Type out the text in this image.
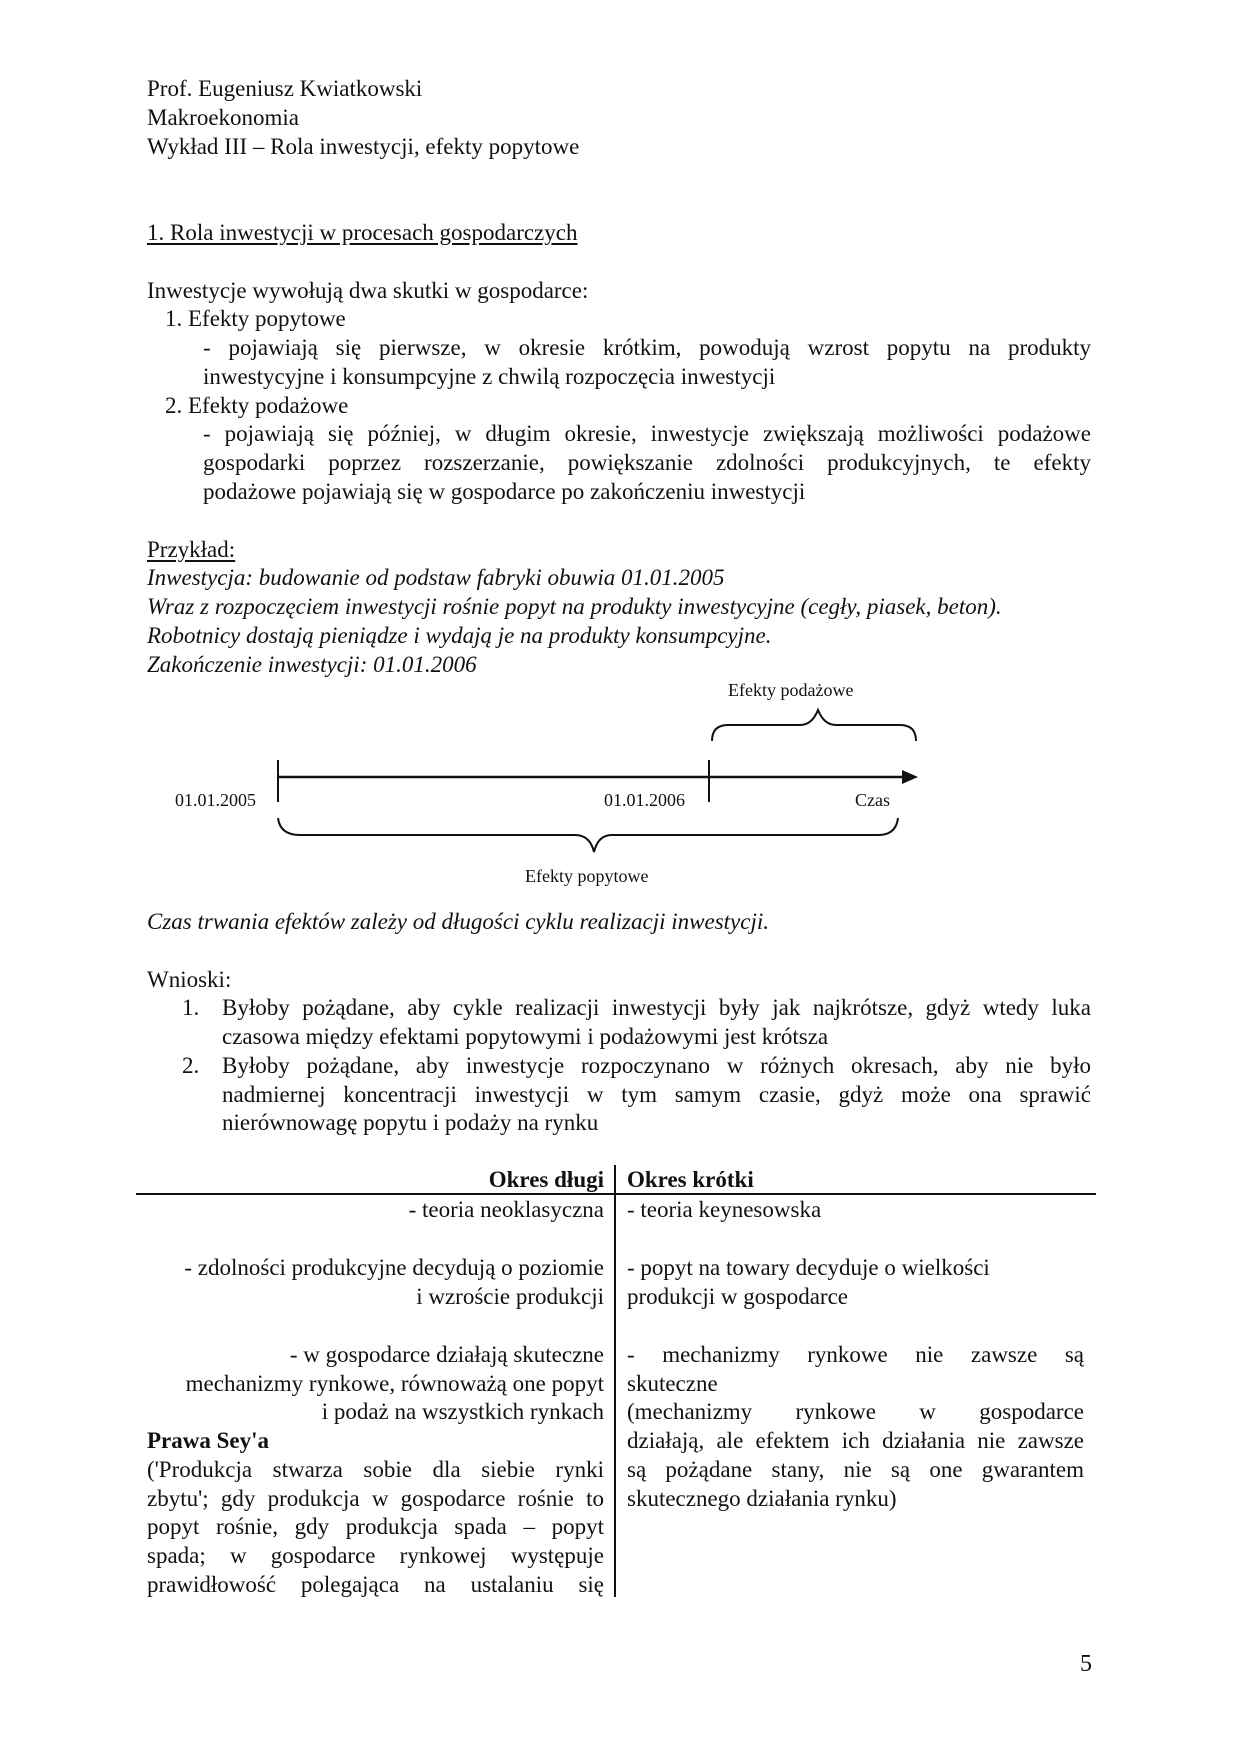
Prof. Eugeniusz Kwiatkowski
Makroekonomia
Wykład III – Rola inwestycji, efekty popytowe
1. Rola inwestycji w procesach gospodarczych
Inwestycje wywołują dwa skutki w gospodarce:
1. Efekty popytowe
- pojawiają się pierwsze, w okresie krótkim, powodują wzrost popytu na produkty
inwestycyjne i konsumpcyjne z chwilą rozpoczęcia inwestycji
2. Efekty podażowe
- pojawiają się później, w długim okresie, inwestycje zwiększają możliwości podażowe
gospodarki poprzez rozszerzanie, powiększanie zdolności produkcyjnych, te efekty
podażowe pojawiają się w gospodarce po zakończeniu inwestycji
Przykład:
Inwestycja: budowanie od podstaw fabryki obuwia 01.01.2005
Wraz z rozpoczęciem inwestycji rośnie popyt na produkty inwestycyjne (cegły, piasek, beton).
Robotnicy dostają pieniądze i wydają je na produkty konsumpcyjne.
Zakończenie inwestycji: 01.01.2006
Efekty podażowe
01.01.2005	01.01.2006	Czas
Efekty popytowe
Czas trwania efektów zależy od długości cyklu realizacji inwestycji.
Wnioski:
1. Byłoby pożądane, aby cykle realizacji inwestycji były jak najkrótsze, gdyż wtedy luka
czasowa między efektami popytowymi i podażowymi jest krótsza
2. Byłoby pożądane, aby inwestycje rozpoczynano w różnych okresach, aby nie było
nadmiernej koncentracji inwestycji w tym samym czasie, gdyż może ona sprawić
nierównowagę popytu i podaży na rynku
Okres długi Okres krótki
- teoria neoklasyczna
- zdolności produkcyjne decydują o poziomie
i wzroście produkcji
- w gospodarce działają skuteczne
mechanizmy rynkowe, równoważą one popyt
i podaż na wszystkich rynkach
Prawa Sey'a
('Produkcja stwarza sobie dla siebie rynki
zbytu'; gdy produkcja w gospodarce rośnie to
popyt rośnie, gdy produkcja spada – popyt
spada; w gospodarce rynkowej występuje
prawidłowość polegająca na ustalaniu się
- teoria keynesowska
- popyt na towary decyduje o wielkości
produkcji w gospodarce
- mechanizmy rynkowe nie zawsze są
skuteczne
(mechanizmy rynkowe w gospodarce
działają, ale efektem ich działania nie zawsze
są pożądane stany, nie są one gwarantem
skutecznego działania rynku)
5
